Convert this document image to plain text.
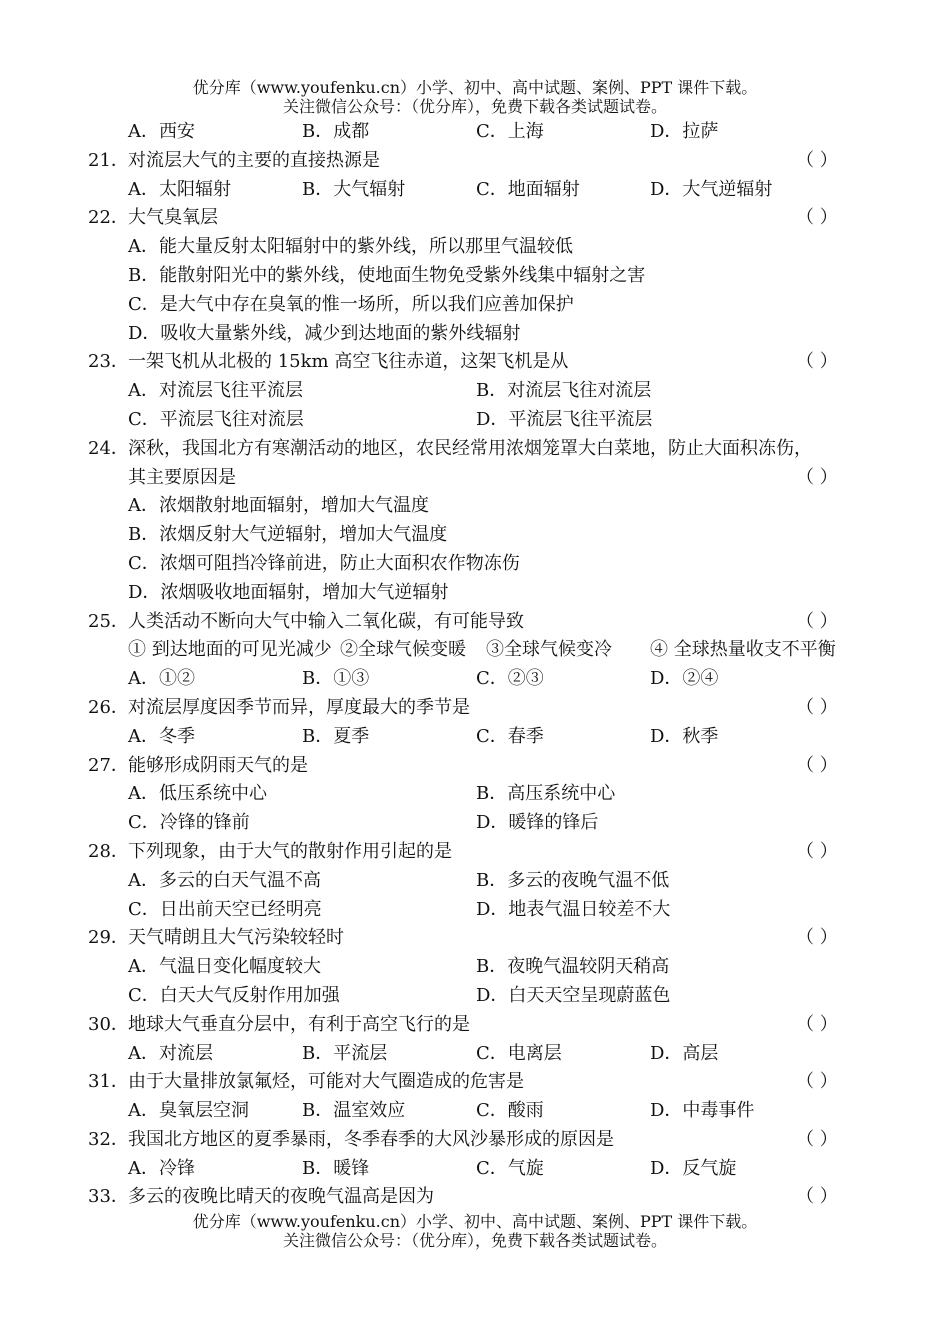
优分库（www.youfenku.cn）小学、初中、高中试题、案例、PPT 课件下载。
关注微信公众号：（优分库），免费下载各类试题试卷。
A．西安	B．成都	C．上海	D．拉萨
21． 对流层大气的主要的直接热源是	（ ）
A．太阳辐射	B．大气辐射	C．地面辐射	D．大气逆辐射
22． 大气臭氧层	（ ）
A．能大量反射太阳辐射中的紫外线，所以那里气温较低
B．能散射阳光中的紫外线，使地面生物免受紫外线集中辐射之害
C．是大气中存在臭氧的惟一场所，所以我们应善加保护
D．吸收大量紫外线，减少到达地面的紫外线辐射
23． 一架飞机从北极的 15km 高空飞往赤道，这架飞机是从	（ ）
A．对流层飞往平流层	B．对流层飞往对流层
C．平流层飞往对流层	D．平流层飞往平流层
24． 深秋，我国北方有寒潮活动的地区，农民经常用浓烟笼罩大白菜地，防止大面积冻伤，
其主要原因是	（ ）
A．浓烟散射地面辐射，增加大气温度
B．浓烟反射大气逆辐射，增加大气温度
C．浓烟可阻挡冷锋前进，防止大面积农作物冻伤
D．浓烟吸收地面辐射，增加大气逆辐射
25． 人类活动不断向大气中输入二氧化碳，有可能导致	（ ）
① 到达地面的可见光减少 ②全球气候变暖 ③全球气候变冷 ④ 全球热量收支不平衡
A．①②	B．①③	C．②③	D．②④
26． 对流层厚度因季节而异，厚度最大的季节是	（ ）
A．冬季	B．夏季	C．春季	D．秋季
27． 能够形成阴雨天气的是	（ ）
A．低压系统中心	B．高压系统中心
C．冷锋的锋前	D．暖锋的锋后
28． 下列现象，由于大气的散射作用引起的是	（ ）
A．多云的白天气温不高	B．多云的夜晚气温不低
C．日出前天空已经明亮	D．地表气温日较差不大
29． 天气晴朗且大气污染较轻时	（ ）
A．气温日变化幅度较大	B．夜晚气温较阴天稍高
C．白天大气反射作用加强	D．白天天空呈现蔚蓝色
30． 地球大气垂直分层中，有利于高空飞行的是	（ ）
A．对流层	B．平流层	C．电离层	D．高层
31． 由于大量排放氯氟烃，可能对大气圈造成的危害是	（ ）
A．臭氧层空洞	B．温室效应	C．酸雨	D．中毒事件
32． 我国北方地区的夏季暴雨，冬季春季的大风沙暴形成的原因是	（ ）
A．冷锋	B．暖锋	C．气旋	D．反气旋
33． 多云的夜晚比晴天的夜晚气温高是因为	（ ）
优分库（www.youfenku.cn）小学、初中、高中试题、案例、PPT 课件下载。
关注微信公众号：（优分库），免费下载各类试题试卷。
